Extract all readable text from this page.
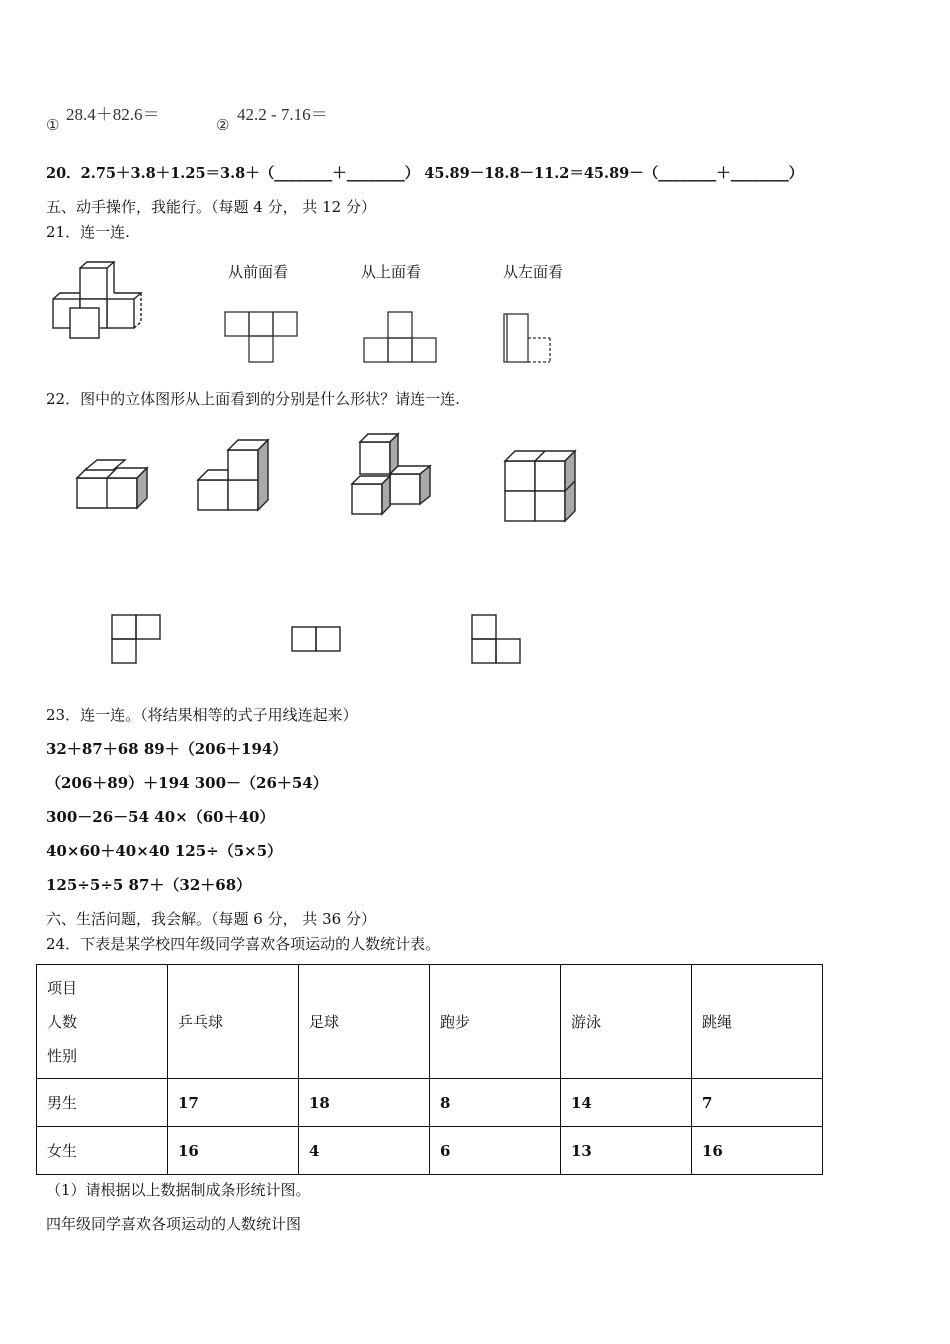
①
28.4＋82.6＝
②
42.2 - 7.16＝
20．2.75＋3.8＋1.25＝3.8＋（________＋________） 45.89－18.8－11.2＝45.89－（________＋________）
五、动手操作，我能行。（每题 4 分， 共 12 分）
21．连一连.
从前面看	从上面看	从左面看
22．图中的立体图形从上面看到的分别是什么形状？请连一连.
23．连一连。（将结果相等的式子用线连起来）
32＋87＋68 89＋（206＋194）
（206＋89）＋194 300－（26＋54）
300－26－54 40×（60＋40）
40×60＋40×40 125÷（5×5）
125÷5÷5 87＋（32＋68）
六、生活问题，我会解。（每题 6 分， 共 36 分）
24．下表是某学校四年级同学喜欢各项运动的人数统计表。
项目
人数
性别	乒乓球	足球	跑步	游泳	跳绳
男生	17	18	8	14	7
女生	16	4	6	13	16
（1）请根据以上数据制成条形统计图。
四年级同学喜欢各项运动的人数统计图
